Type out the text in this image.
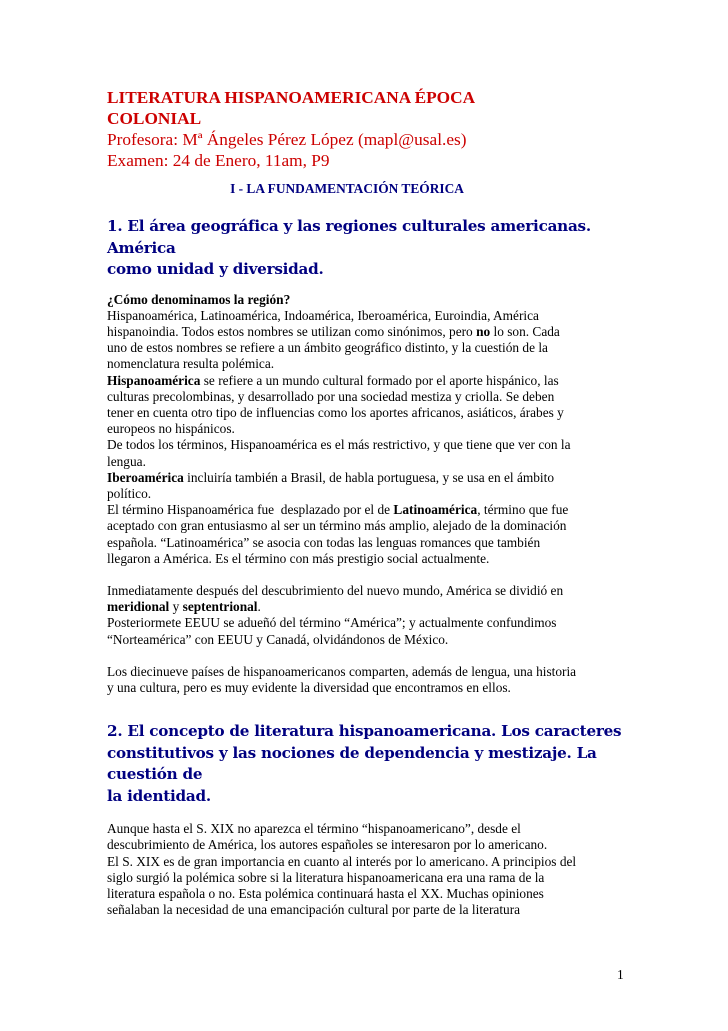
LITERATURA HISPANOAMERICANA ÉPOCA
COLONIAL
Profesora: Mª Ángeles Pérez López (mapl@usal.es)
Examen: 24 de Enero, 11am, P9
I - LA FUNDAMENTACIÓN TEÓRICA
1. El área geográfica y las regiones culturales americanas. América
como unidad y diversidad.
¿Cómo denominamos la región?
Hispanoamérica, Latinoamérica, Indoamérica, Iberoamérica, Euroindia, América
hispanoindia. Todos estos nombres se utilizan como sinónimos, pero no lo son. Cada
uno de estos nombres se refiere a un ámbito geográfico distinto, y la cuestión de la
nomenclatura resulta polémica.
Hispanoamérica se refiere a un mundo cultural formado por el aporte hispánico, las
culturas precolombinas, y desarrollado por una sociedad mestiza y criolla. Se deben
tener en cuenta otro tipo de influencias como los aportes africanos, asiáticos, árabes y
europeos no hispánicos.
De todos los términos, Hispanoamérica es el más restrictivo, y que tiene que ver con la
lengua.
Iberoamérica incluiría también a Brasil, de habla portuguesa, y se usa en el ámbito
político.
El término Hispanoamérica fue  desplazado por el de Latinoamérica, término que fue
aceptado con gran entusiasmo al ser un término más amplio, alejado de la dominación
española. “Latinoamérica” se asocia con todas las lenguas romances que también
llegaron a América. Es el término con más prestigio social actualmente.
Inmediatamente después del descubrimiento del nuevo mundo, América se dividió en
meridional y septentrional.
Posteriormete EEUU se adueñó del término “América”; y actualmente confundimos
“Norteamérica” con EEUU y Canadá, olvidándonos de México.
Los diecinueve países de hispanoamericanos comparten, además de lengua, una historia
y una cultura, pero es muy evidente la diversidad que encontramos en ellos.
2. El concepto de literatura hispanoamericana. Los caracteres
constitutivos y las nociones de dependencia y mestizaje. La cuestión de
la identidad.
Aunque hasta el S. XIX no aparezca el término “hispanoamericano”, desde el
descubrimiento de América, los autores españoles se interesaron por lo americano.
El S. XIX es de gran importancia en cuanto al interés por lo americano. A principios del
siglo surgió la polémica sobre si la literatura hispanoamericana era una rama de la
literatura española o no. Esta polémica continuará hasta el XX. Muchas opiniones
señalaban la necesidad de una emancipación cultural por parte de la literatura
1
